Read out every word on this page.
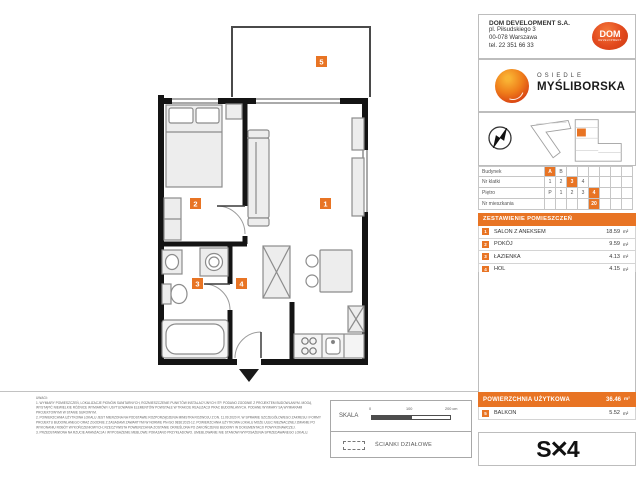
1
2
3	4
5
DOM DEVELOPMENT S.A.
pl. Piłsudskiego 3
00-078 Warszawa
tel. 22 351 66 33
DOM
DEVELOPMENT
OSIEDLE
MYŚLIBORSKA
Budynek	A	B
Nr klatki	1	2	3	4
Piętro	P	1	2	3	4
Nr mieszkania	20
ZESTAWIENIE POMIESZCZEŃ
1	SALON Z ANEKSEM	18.59 m²
2	POKÓJ	9.59 m²
3	ŁAZIENKA	4.13 m²
4	HOL	4.15 m²
POWIERZCHNIA UŻYTKOWA	36.46 m²
5	BALKON	5.52 m²
S✕4
UWAGI:
1. WYMIARY POMIESZCZEŃ, LOKALIZACJE PIONÓW SANITARNYCH, ROZMIESZCZENIE PUNKTÓW INSTALACYJNYCH ITP. PODANO ZGODNIE Z PROJEKTEM BUDOWLANYM. MOGĄ WYSTĄPIĆ NIEWIELKIE RÓŻNICE WYMIARÓW I USYTUOWANIA ELEMENTÓW POWSTAŁE W TRAKCIE REALIZACJI PRAC BUDOWLANYCH. PODANE WYMIARY SĄ WYMIARAMI PROJEKTOWYMI W STANIE SUROWYM.
2. POWIERZCHNIA UŻYTKOWA LOKALU JEST MIERZONA NA PODSTAWIE ROZPORZĄDZENIA MINISTRA ROZWOJU Z DN. 11.09.2020 R. W SPRAWIE SZCZEGÓŁOWEGO ZAKRESU I FORMY PROJEKTU BUDOWLANEGO ORAZ ZGODNIE Z ZASADAMI ZAWARTYMI W NORMIE PN-ISO 9836:2015-12. POWIERZCHNIA UŻYTKOWA LOKALU MOŻE ULEC NIEZNACZNEJ ZMIANIE PO WYKONANIU ROBÓT WYKOŃCZENIOWYCH; RZECZYWISTA POWIERZCHNIA ZOSTANIE OKREŚLONA PO ZAKOŃCZENIU BUDOWY W DOKUMENTACJI POWYKONAWCZEJ.
3. PRZEDSTAWIONA NA RZUCIE ARANŻACJA I WYPOSAŻENIE MEBLOWE POKAZANO PRZYKŁADOWO. UMEBLOWANIE NIE STANOWI WYPOSAŻENIA SPRZEDAWANEGO LOKALU.
SKALA
0	100	200 cm
ŚCIANKI DZIAŁOWE
